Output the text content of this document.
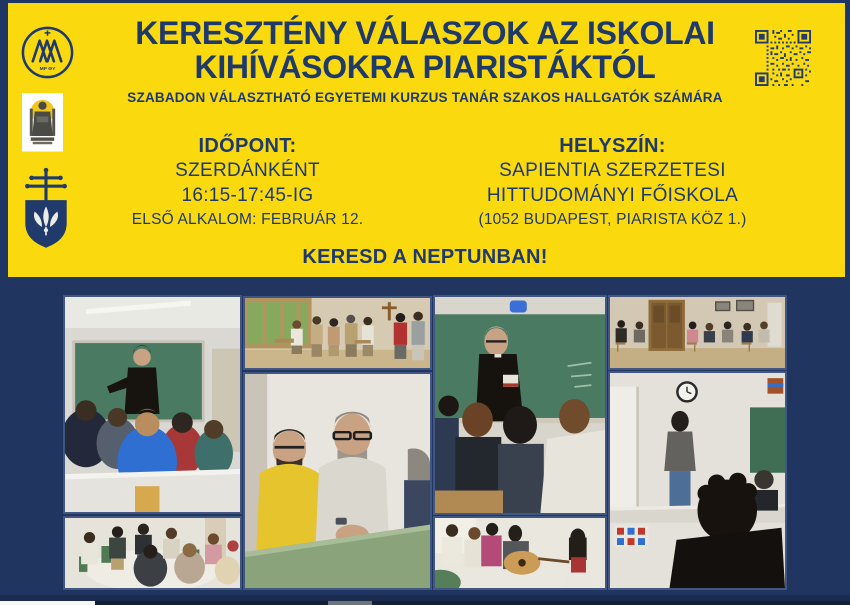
KERESZTÉNY VÁLASZOK AZ ISKOLAI
KIHÍVÁSOKRA PIARISTÁKTÓL
SZABADON VÁLASZTHATÓ EGYETEMI KURZUS TANÁR SZAKOS HALLGATÓK SZÁMÁRA
IDŐPONT:
SZERDÁNKÉNT
16:15-17:45-IG
ELSŐ ALKALOM: FEBRUÁR 12.
HELYSZÍN:
SAPIENTIA SZERZETESI
HITTUDOMÁNYI FŐISKOLA
(1052 BUDAPEST, PIARISTA KÖZ 1.)
KERESD A NEPTUNBAN!
MP ΘY
